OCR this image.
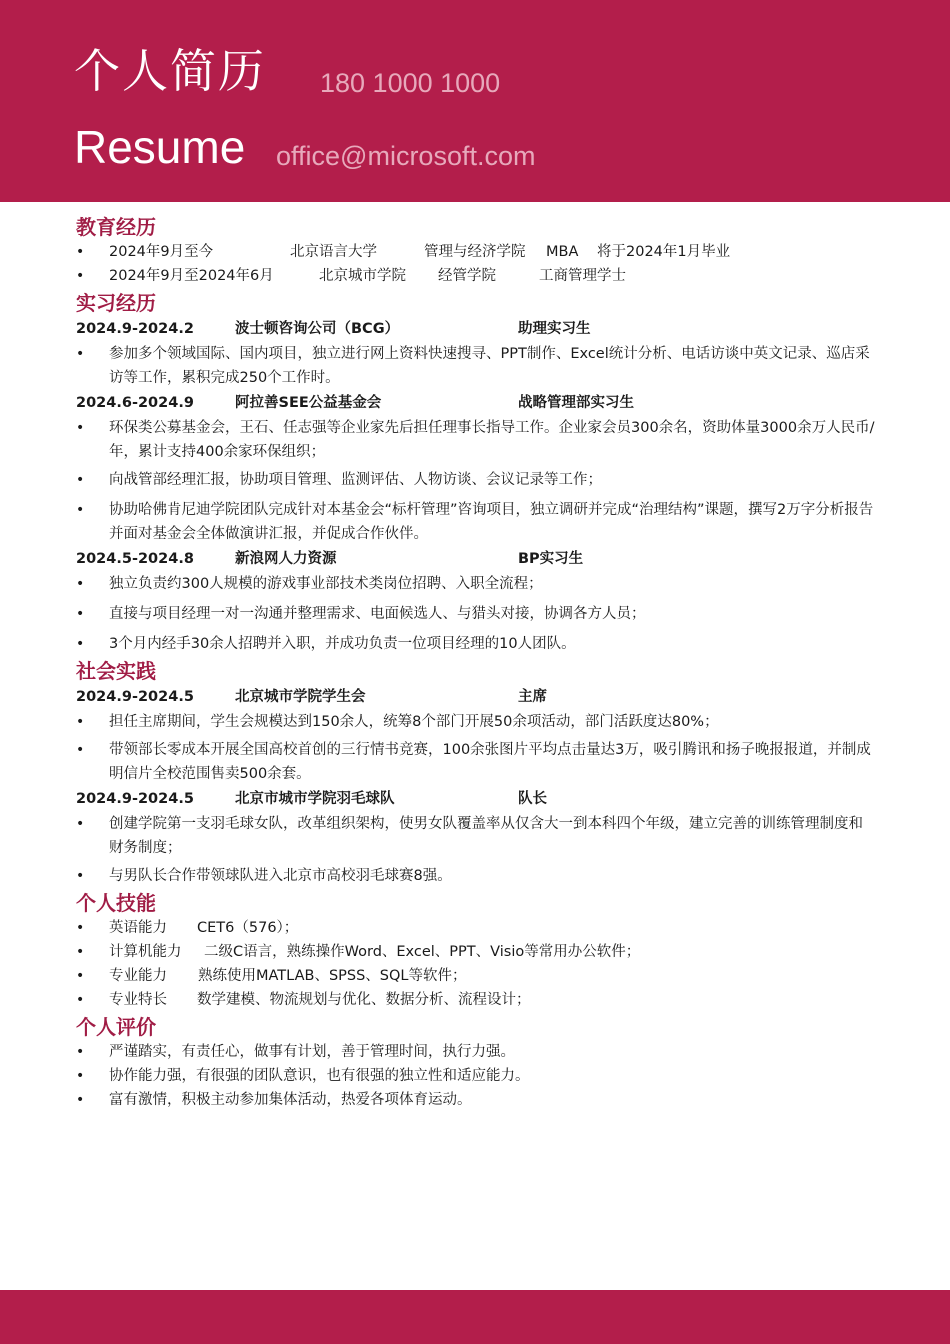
个人简历
Resume
180 1000 1000
office@microsoft.com
教育经历
• 2024年9月至今	北京语言大学	管理与经济学院	MBA	将于2024年1月毕业
• 2024年9月至2024年6月	北京城市学院	经管学院	工商管理学士
实习经历
2024.9-2024.2	波士顿咨询公司（BCG）	助理实习生
• 参加多个领域国际、国内项目，独立进行网上资料快速搜寻、PPT制作、Excel统计分析、电话访谈中英文记录、巡店采访等工作，累积完成250个工作时。
2024.6-2024.9	阿拉善SEE公益基金会	战略管理部实习生
• 环保类公募基金会，王石、任志强等企业家先后担任理事长指导工作。企业家会员300余名，资助体量3000余万人民币/年，累计支持400余家环保组织；
• 向战管部经理汇报，协助项目管理、监测评估、人物访谈、会议记录等工作；
• 协助哈佛肯尼迪学院团队完成针对本基金会“标杆管理”咨询项目，独立调研并完成“治理结构”课题，撰写2万字分析报告并面对基金会全体做演讲汇报，并促成合作伙伴。
2024.5-2024.8	新浪网人力资源	BP实习生
• 独立负责约300人规模的游戏事业部技术类岗位招聘、入职全流程；
• 直接与项目经理一对一沟通并整理需求、电面候选人、与猎头对接，协调各方人员；
• 3个月内经手30余人招聘并入职，并成功负责一位项目经理的10人团队。
社会实践
2024.9-2024.5	北京城市学院学生会	主席
• 担任主席期间，学生会规模达到150余人，统筹8个部门开展50余项活动，部门活跃度达80%；
• 带领部长零成本开展全国高校首创的三行情书竞赛，100余张图片平均点击量达3万，吸引腾讯和扬子晚报报道，并制成明信片全校范围售卖500余套。
2024.9-2024.5	北京市城市学院羽毛球队	队长
• 创建学院第一支羽毛球女队，改革组织架构，使男女队覆盖率从仅含大一到本科四个年级，建立完善的训练管理制度和财务制度；
• 与男队长合作带领球队进入北京市高校羽毛球赛8强。
个人技能
• 英语能力 CET6（576）；
• 计算机能力 二级C语言，熟练操作Word、Excel、PPT、Visio等常用办公软件；
• 专业能力 熟练使用MATLAB、SPSS、SQL等软件；
• 专业特长 数学建模、物流规划与优化、数据分析、流程设计；
个人评价
• 严谨踏实，有责任心，做事有计划，善于管理时间，执行力强。
• 协作能力强，有很强的团队意识，也有很强的独立性和适应能力。
• 富有激情，积极主动参加集体活动，热爱各项体育运动。
